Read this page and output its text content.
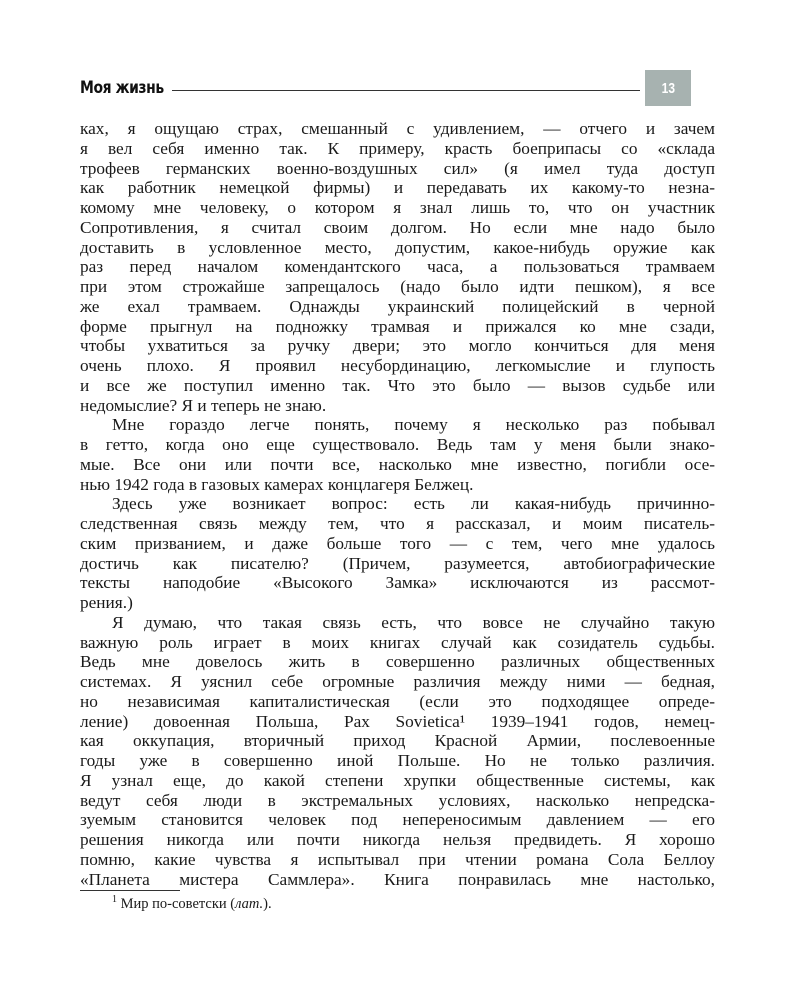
Моя жизнь	13
ках, я ощущаю страх, смешанный с удивлением, — отчего и зачем
я вел себя именно так. К примеру, красть боеприпасы со «склада
трофеев германских военно-воздушных сил» (я имел туда доступ
как работник немецкой фирмы) и передавать их какому-то незна-
комому мне человеку, о котором я знал лишь то, что он участник
Сопротивления, я считал своим долгом. Но если мне надо было
доставить в условленное место, допустим, какое-нибудь оружие как
раз перед началом комендантского часа, а пользоваться трамваем
при этом строжайше запрещалось (надо было идти пешком), я все
же ехал трамваем. Однажды украинский полицейский в черной
форме прыгнул на подножку трамвая и прижался ко мне сзади,
чтобы ухватиться за ручку двери; это могло кончиться для меня
очень плохо. Я проявил несубординацию, легкомыслие и глупость
и все же поступил именно так. Что это было — вызов судьбе или
недомыслие? Я и теперь не знаю.
Мне гораздо легче понять, почему я несколько раз побывал
в гетто, когда оно еще существовало. Ведь там у меня были знако-
мые. Все они или почти все, насколько мне известно, погибли осе-
нью 1942 года в газовых камерах концлагеря Белжец.
Здесь уже возникает вопрос: есть ли какая-нибудь причинно-
следственная связь между тем, что я рассказал, и моим писатель-
ским призванием, и даже больше того — с тем, чего мне удалось
достичь как писателю? (Причем, разумеется, автобиографические
тексты наподобие «Высокого Замка» исключаются из рассмот-
рения.)
Я думаю, что такая связь есть, что вовсе не случайно такую
важную роль играет в моих книгах случай как созидатель судьбы.
Ведь мне довелось жить в совершенно различных общественных
системах. Я уяснил себе огромные различия между ними — бедная,
но независимая капиталистическая (если это подходящее опреде-
ление) довоенная Польша, Pax Sovietica¹ 1939–1941 годов, немец-
кая оккупация, вторичный приход Красной Армии, послевоенные
годы уже в совершенно иной Польше. Но не только различия.
Я узнал еще, до какой степени хрупки общественные системы, как
ведут себя люди в экстремальных условиях, насколько непредска-
зуемым становится человек под непереносимым давлением — его
решения никогда или почти никогда нельзя предвидеть. Я хорошо
помню, какие чувства я испытывал при чтении романа Сола Беллоу
«Планета мистера Саммлера». Книга понравилась мне настолько,
$^1$ Мир по-советски (лат.).
